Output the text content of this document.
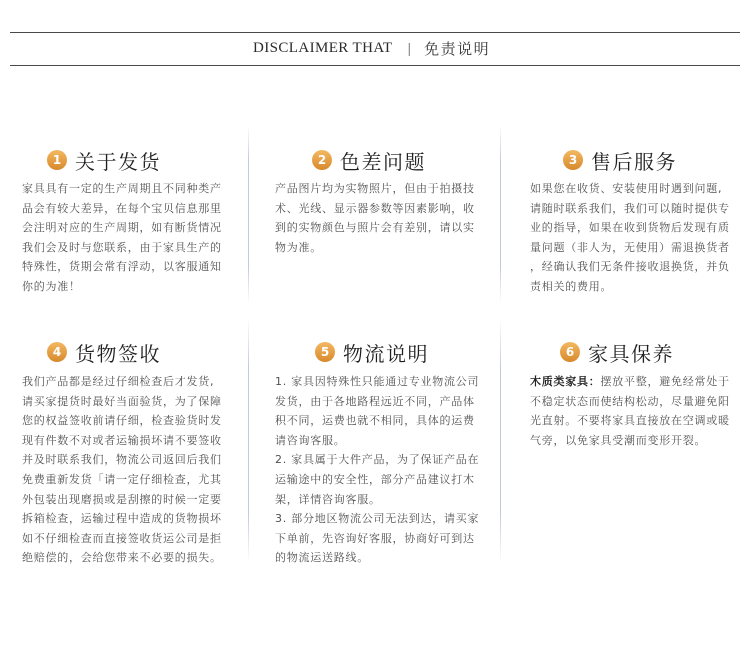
DISCLAIMER THAT | 免责说明
1 关于发货
家具具有一定的生产周期且不同种类产
品会有较大差异，在每个宝贝信息那里
会注明对应的生产周期，如有断货情况
我们会及时与您联系，由于家具生产的
特殊性，货期会常有浮动，以客服通知
你的为准！
2 色差问题
产品图片均为实物照片，但由于拍摄技
术、光线、显示器参数等因素影响，收
到的实物颜色与照片会有差别，请以实
物为准。
3 售后服务
如果您在收货、安装使用时遇到问题,
请随时联系我们，我们可以随时提供专
业的指导，如果在收到货物后发现有质
量问题（非人为，无使用）需退换货者
，经确认我们无条件接收退换货，并负
责相关的费用。
4 货物签收
我们产品都是经过仔细检查后才发货,
请买家提货时最好当面验货，为了保障
您的权益签收前请仔细，检查验货时发
现有件数不对或者运输损坏请不要签收
并及时联系我们，物流公司返回后我们
免费重新发货「请一定仔细检查，尤其
外包装出现磨损或是刮擦的时候一定要
拆箱检查，运输过程中造成的货物损坏
如不仔细检查而直接签收货运公司是拒
绝赔偿的，会给您带来不必要的损失。
5 物流说明
1. 家具因特殊性只能通过专业物流公司
发货，由于各地路程远近不同，产品体
积不同，运费也就不相同，具体的运费
请咨询客服。
2. 家具属于大件产品，为了保证产品在
运输途中的安全性，部分产品建议打木
架，详情咨询客服。
3. 部分地区物流公司无法到达，请买家
下单前，先咨询好客服，协商好可到达
的物流运送路线。
6 家具保养
木质类家具：摆放平整，避免经常处于
不稳定状态而使结构松动，尽量避免阳
光直射。不要将家具直接放在空调或暖
气旁，以免家具受潮而变形开裂。
